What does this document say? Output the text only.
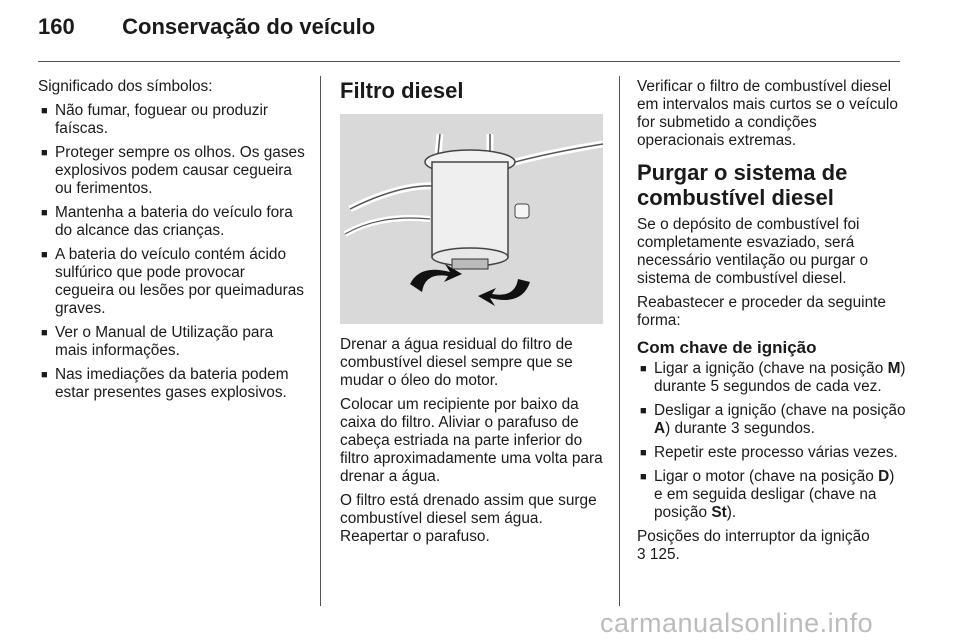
160 Conservação do veículo

Significado dos símbolos:

■ Não fumar, foguear ou produzir faíscas.
■ Proteger sempre os olhos. Os gases explosivos podem causar cegueira ou ferimentos.
■ Mantenha a bateria do veículo fora do alcance das crianças.
■ A bateria do veículo contém ácido sulfúrico que pode provocar cegueira ou lesões por queimaduras graves.
■ Ver o Manual de Utilização para mais informações.
■ Nas imediações da bateria podem estar presentes gases explosivos.
Filtro diesel

Drenar a água residual do filtro de combustível diesel sempre que se mudar o óleo do motor.

Colocar um recipiente por baixo da caixa do filtro. Aliviar o parafuso de cabeça estriada na parte inferior do filtro aproximadamente uma volta para drenar a água.

O filtro está drenado assim que surge combustível diesel sem água. Reapertar o parafuso.

Verificar o filtro de combustível diesel em intervalos mais curtos se o veículo for submetido a condições operacionais extremas.

Purgar o sistema de combustível diesel

Se o depósito de combustível foi completamente esvaziado, será necessário ventilação ou purgar o sistema de combustível diesel.

Reabastecer e proceder da seguinte forma:

Com chave de ignição
■ Ligar a ignição (chave na posição M) durante 5 segundos de cada vez.
■ Desligar a ignição (chave na posição A) durante 3 segundos.
■ Repetir este processo várias vezes.
■ Ligar o motor (chave na posição D) e em seguida desligar (chave na posição St).

Posições do interruptor da ignição
3 125.

carmanualsonline.info
